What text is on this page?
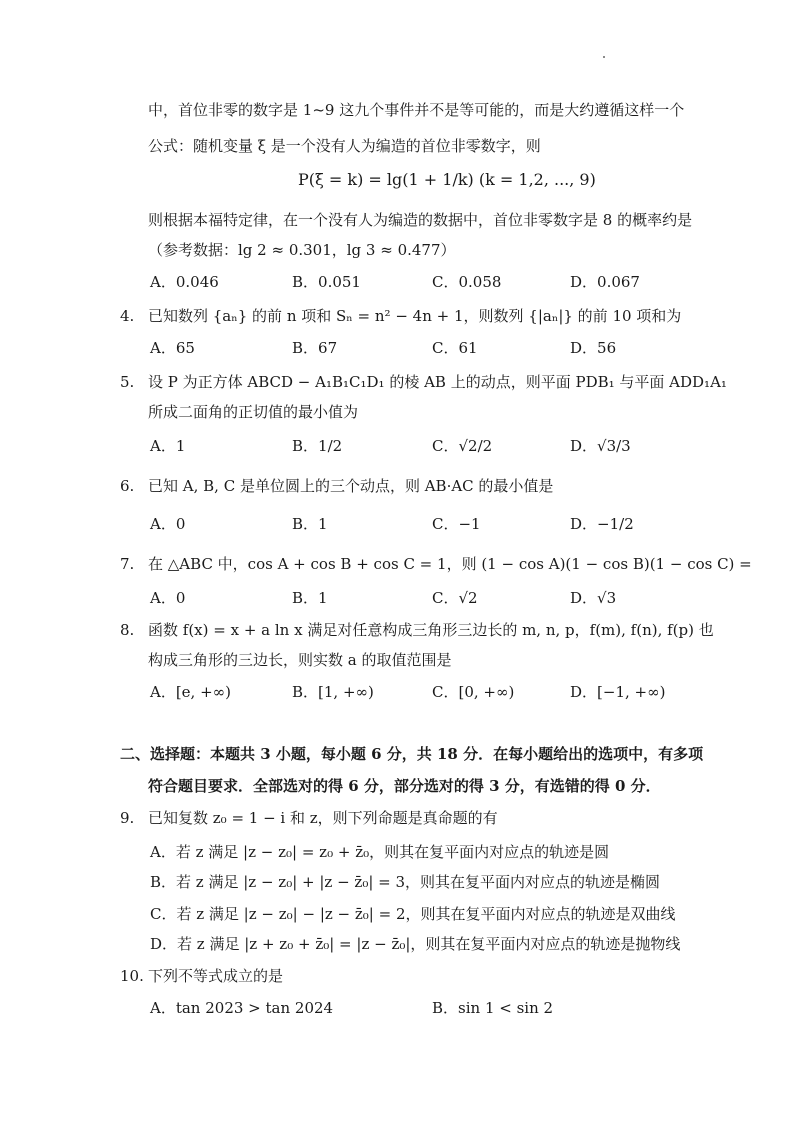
中，首位非零的数字是 1~9 这九个事件并不是等可能的，而是大约遵循这样一个
公式：随机变量 ξ 是一个没有人为编造的首位非零数字，则
P(ξ = k) = lg(1 + 1/k) (k = 1,2, ..., 9)
则根据本福特定律，在一个没有人为编造的数据中，首位非零数字是 8 的概率约是
（参考数据：lg 2 ≈ 0.301，lg 3 ≈ 0.477）
A．0.046	B．0.051	C．0.058	D．0.067
4. 已知数列 {aₙ} 的前 n 项和 Sₙ = n² − 4n + 1，则数列 {|aₙ|} 的前 10 项和为
A．65	B．67	C．61	D．56
5. 设 P 为正方体 ABCD − A₁B₁C₁D₁ 的棱 AB 上的动点，则平面 PDB₁ 与平面 ADD₁A₁
所成二面角的正切值的最小值为
A．1	B．1/2	C．√2/2	D．√3/3
6. 已知 A, B, C 是单位圆上的三个动点，则 AB·AC 的最小值是
A．0	B．1	C．−1	D．−1/2
7. 在 △ABC 中，cos A + cos B + cos C = 1，则 (1 − cos A)(1 − cos B)(1 − cos C) =
A．0	B．1	C．√2	D．√3
8. 函数 f(x) = x + a ln x 满足对任意构成三角形三边长的 m, n, p，f(m), f(n), f(p) 也
构成三角形的三边长，则实数 a 的取值范围是
A．[e, +∞)	B．[1, +∞)	C．[0, +∞)	D．[−1, +∞)
二、选择题：本题共 3 小题，每小题 6 分，共 18 分．在每小题给出的选项中，有多项
符合题目要求．全部选对的得 6 分，部分选对的得 3 分，有选错的得 0 分．
9. 已知复数 z₀ = 1 − i 和 z，则下列命题是真命题的有
A．若 z 满足 |z − z₀| = z₀ + z̄₀，则其在复平面内对应点的轨迹是圆
B．若 z 满足 |z − z₀| + |z − z̄₀| = 3，则其在复平面内对应点的轨迹是椭圆
C．若 z 满足 |z − z₀| − |z − z̄₀| = 2，则其在复平面内对应点的轨迹是双曲线
D．若 z 满足 |z + z₀ + z̄₀| = |z − z̄₀|，则其在复平面内对应点的轨迹是抛物线
10. 下列不等式成立的是
A．tan 2023 > tan 2024	B．sin 1 < sin 2
